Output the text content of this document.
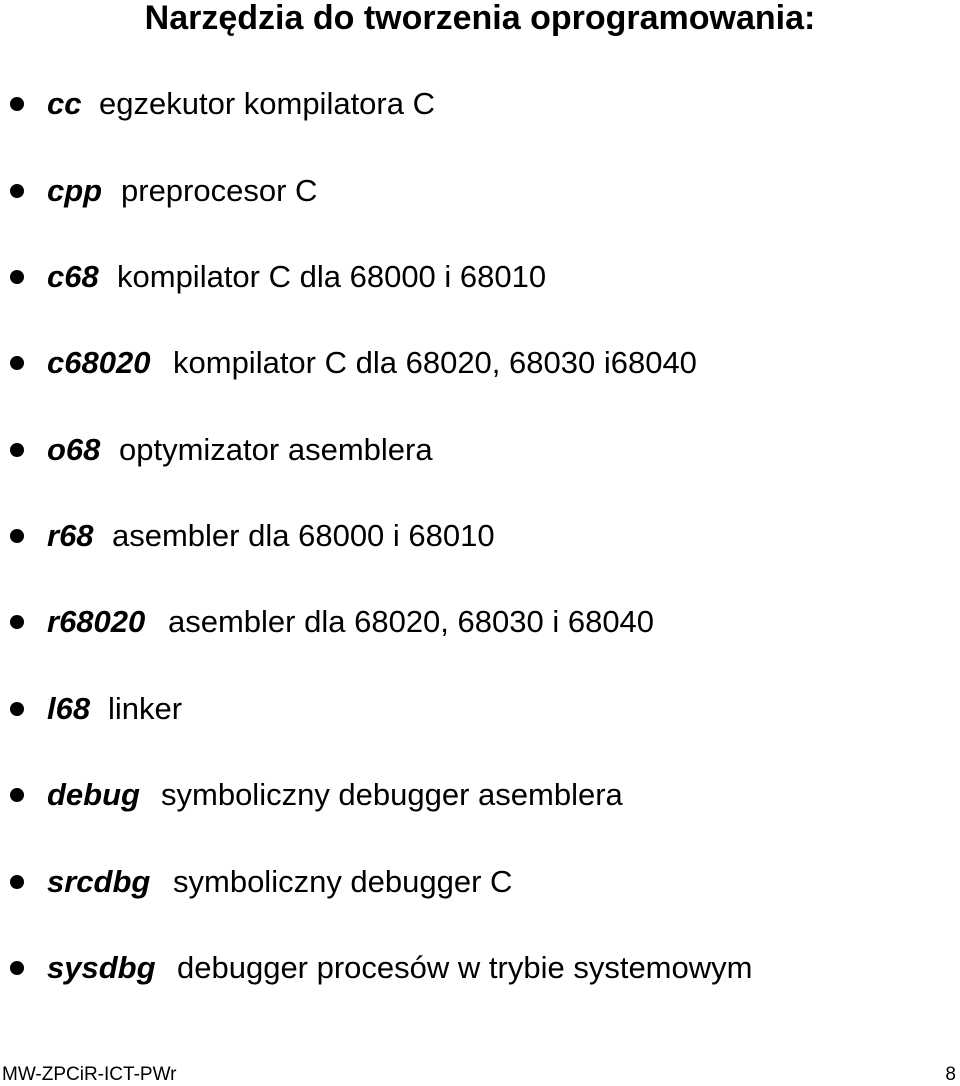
Narzędzia do tworzenia oprogramowania:
cc egzekutor kompilatora C
cpp preprocesor C
c68 kompilator C dla 68000 i 68010
c68020 kompilator C dla 68020, 68030 i68040
o68 optymizator asemblera
r68 asembler dla 68000 i 68010
r68020 asembler dla 68020, 68030 i 68040
l68 linker
debug symboliczny debugger asemblera
srcdbg symboliczny debugger C
sysdbg debugger procesów w trybie systemowym
MW-ZPCiR-ICT-PWr	8
